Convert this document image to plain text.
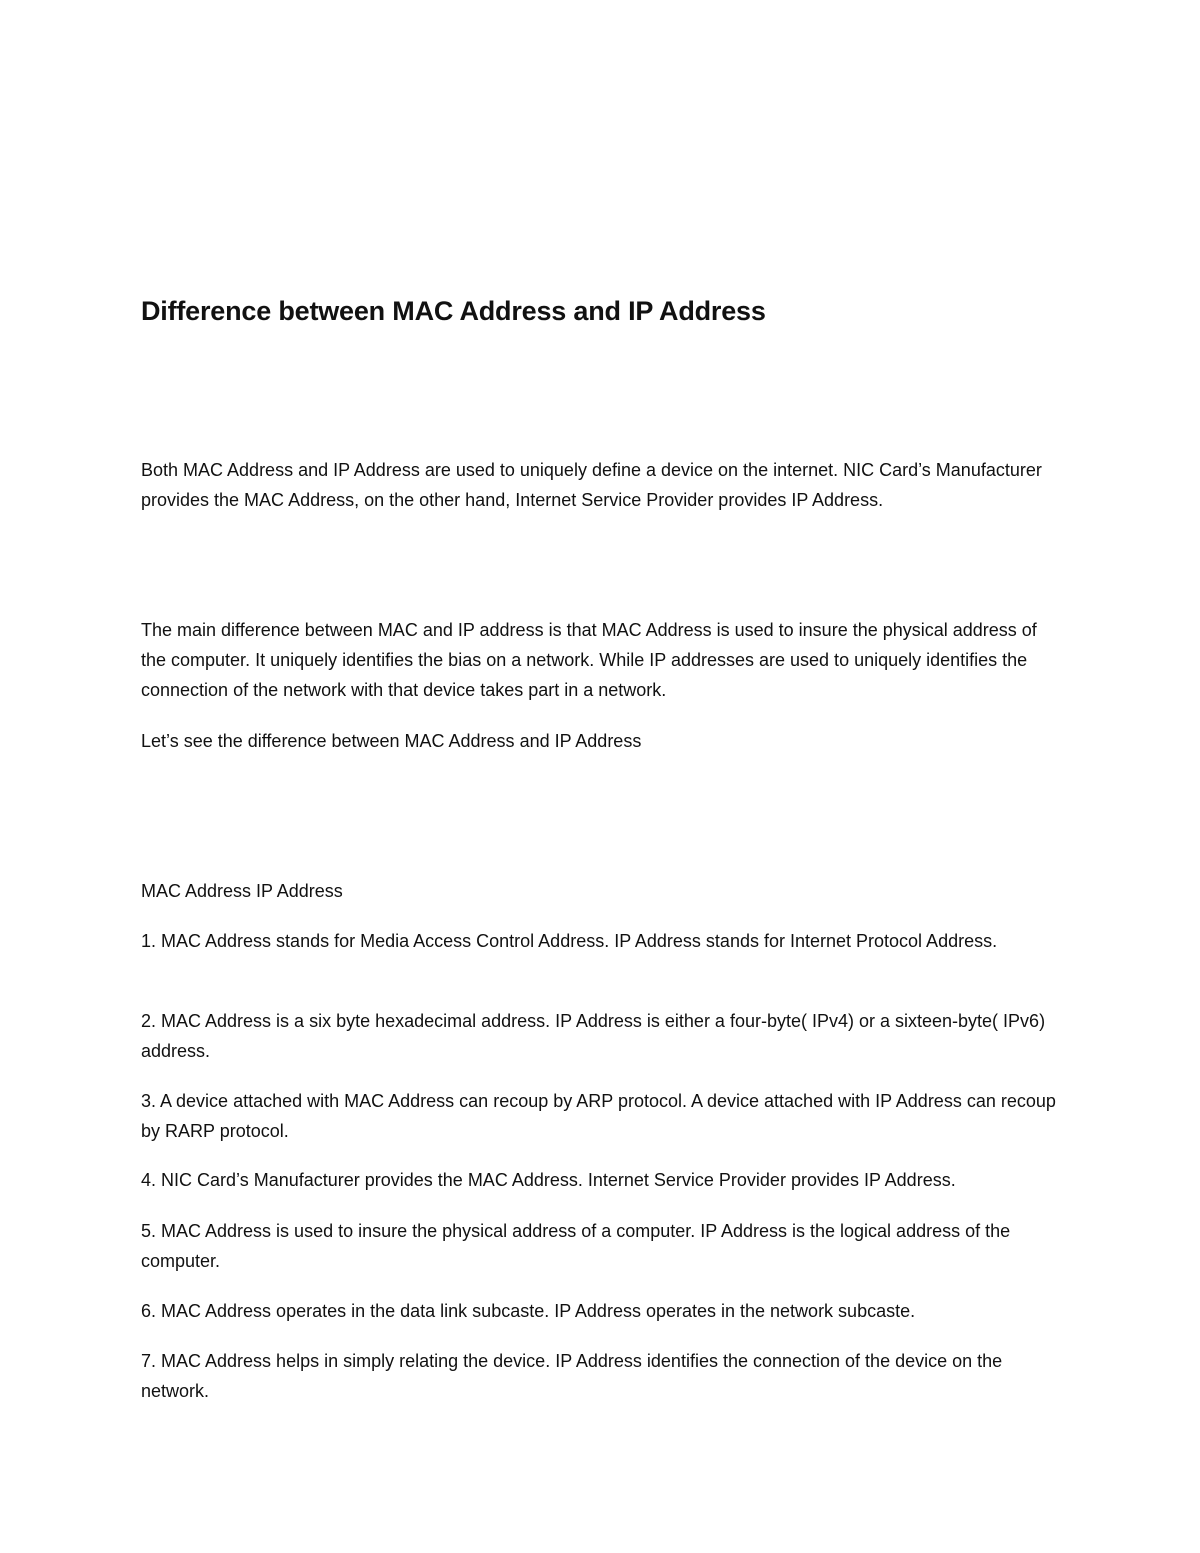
Difference between MAC Address and IP Address

Both MAC Address and IP Address are used to uniquely define a device on the internet. NIC Card’s Manufacturer provides the MAC Address, on the other hand, Internet Service Provider provides IP Address.

The main difference between MAC and IP address is that MAC Address is used to insure the physical address of the computer. It uniquely identifies the bias on a network. While IP addresses are used to uniquely identifies the connection of the network with that device takes part in a network.

Let’s see the difference between MAC Address and IP Address

MAC Address IP Address

1. MAC Address stands for Media Access Control Address. IP Address stands for Internet Protocol Address.

2. MAC Address is a six byte hexadecimal address. IP Address is either a four-byte( IPv4) or a sixteen-byte( IPv6) address.

3. A device attached with MAC Address can recoup by ARP protocol. A device attached with IP Address can recoup by RARP protocol.

4. NIC Card’s Manufacturer provides the MAC Address. Internet Service Provider provides IP Address.

5. MAC Address is used to insure the physical address of a computer. IP Address is the logical address of the computer.

6. MAC Address operates in the data link subcaste. IP Address operates in the network subcaste.

7. MAC Address helps in simply relating the device. IP Address identifies the connection of the device on the network.
